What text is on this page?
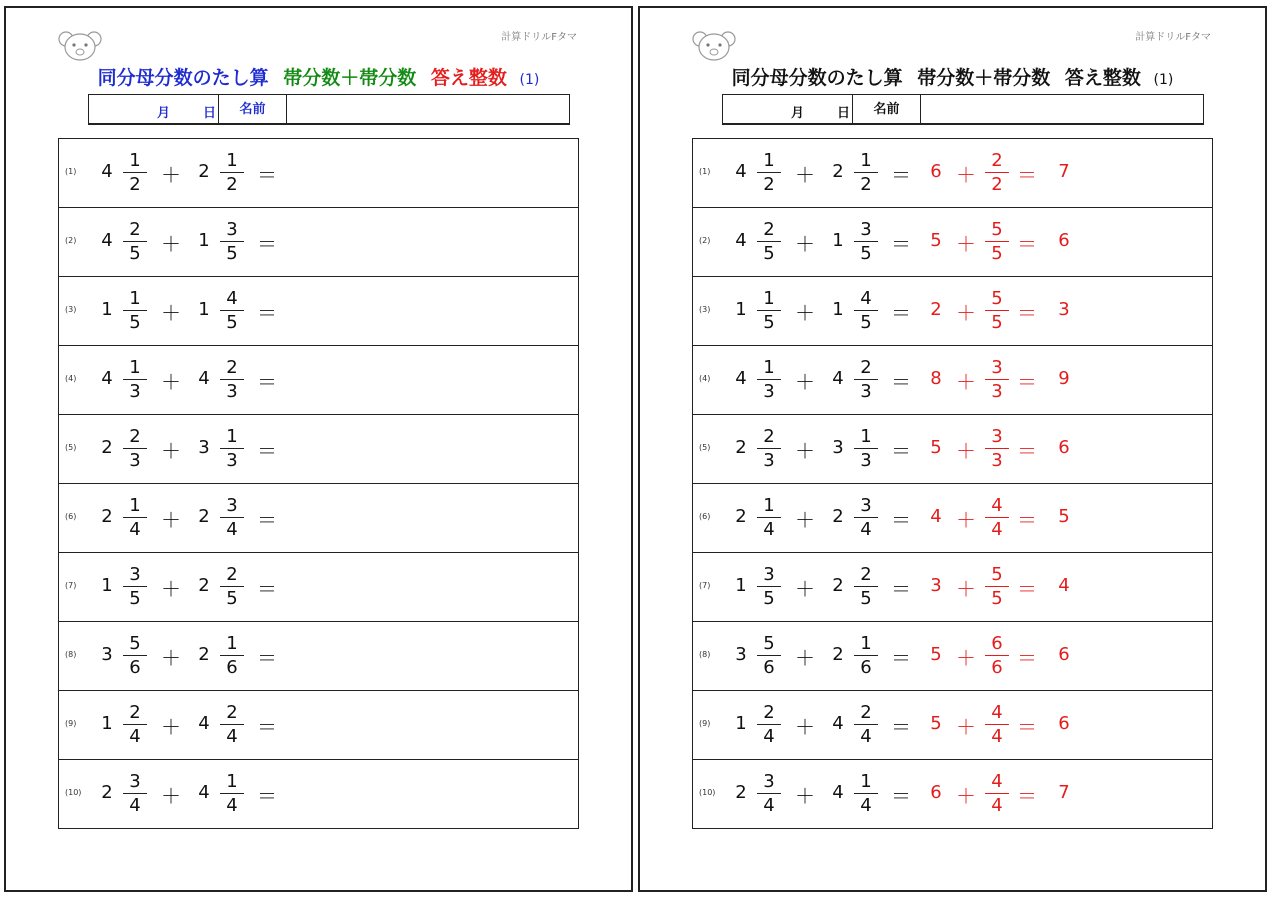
計算ドリルFタマ
同分母分数のたし算 帯分数＋帯分数 答え整数 (1)
月	日	名前
(1) $4 \frac{1}{2} + 2 \frac{1}{2}$ ＝
(2) $4 \frac{2}{5} + 1 \frac{3}{5}$ ＝
(3) $1 \frac{1}{5} + 1 \frac{4}{5}$ ＝
(4) $4 \frac{1}{3} + 4 \frac{2}{3}$ ＝
(5) $2 \frac{2}{3} + 3 \frac{1}{3}$ ＝
(6) $2 \frac{1}{4} + 2 \frac{3}{4}$ ＝
(7) $1 \frac{3}{5} + 2 \frac{2}{5}$ ＝
(8) $3 \frac{5}{6} + 2 \frac{1}{6}$ ＝
(9) $1 \frac{2}{4} + 4 \frac{2}{4}$ ＝
(10) $2 \frac{3}{4} + 4 \frac{1}{4}$ ＝
計算ドリルFタマ
同分母分数のたし算 帯分数＋帯分数 答え整数 (1)
月	日	名前
(1) $4 \frac{1}{2} + 2 \frac{1}{2} = 6 + \frac{2}{2} = 7$
(2) $4 \frac{2}{5} + 1 \frac{3}{5} = 5 + \frac{5}{5} = 6$
(3) $1 \frac{1}{5} + 1 \frac{4}{5} = 2 + \frac{5}{5} = 3$
(4) $4 \frac{1}{3} + 4 \frac{2}{3} = 8 + \frac{3}{3} = 9$
(5) $2 \frac{2}{3} + 3 \frac{1}{3} = 5 + \frac{3}{3} = 6$
(6) $2 \frac{1}{4} + 2 \frac{3}{4} = 4 + \frac{4}{4} = 5$
(7) $1 \frac{3}{5} + 2 \frac{2}{5} = 3 + \frac{5}{5} = 4$
(8) $3 \frac{5}{6} + 2 \frac{1}{6} = 5 + \frac{6}{6} = 6$
(9) $1 \frac{2}{4} + 4 \frac{2}{4} = 5 + \frac{4}{4} = 6$
(10) $2 \frac{3}{4} + 4 \frac{1}{4} = 6 + \frac{4}{4} = 7$
